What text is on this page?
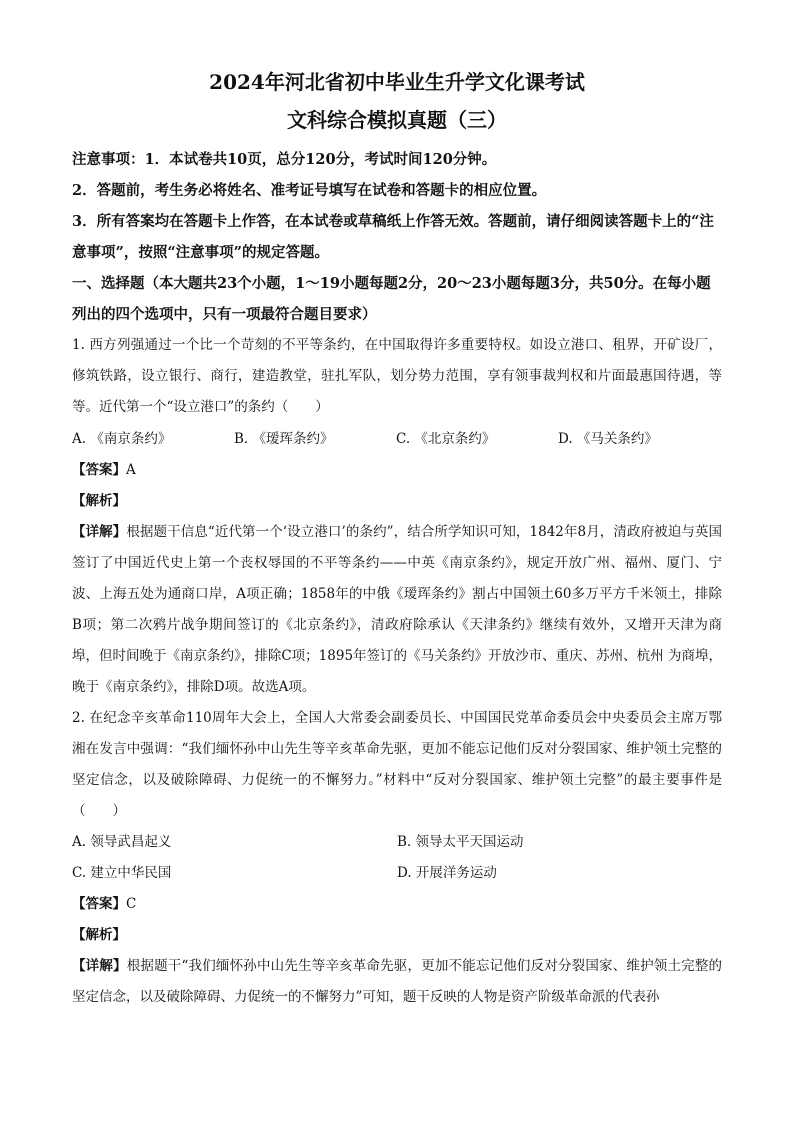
2024年河北省初中毕业生升学文化课考试
文科综合模拟真题（三）

注意事项：1．本试卷共10页，总分120分，考试时间120分钟。

2．答题前，考生务必将姓名、准考证号填写在试卷和答题卡的相应位置。

3．所有答案均在答题卡上作答，在本试卷或草稿纸上作答无效。答题前，请仔细阅读答题卡上的“注意事项”，按照“注意事项”的规定答题。

一、选择题（本大题共23个小题，1～19小题每题2分，20～23小题每题3分，共50分。在每小题列出的四个选项中，只有一项最符合题目要求）

1. 西方列强通过一个比一个苛刻的不平等条约，在中国取得许多重要特权。如设立港口、租界，开矿设厂，修筑铁路，设立银行、商行，建造教堂，驻扎军队，划分势力范围，享有领事裁判权和片面最惠国待遇，等等。近代第一个“设立港口”的条约（　　）

A. 《南京条约》	B. 《瑷珲条约》	C. 《北京条约》	D. 《马关条约》

【答案】A

【解析】

【详解】根据题干信息“近代第一个‘设立港口’的条约”，结合所学知识可知，1842年8月，清政府被迫与英国签订了中国近代史上第一个丧权辱国的不平等条约——中英《南京条约》，规定开放广州、福州、厦门、宁波、上海五处为通商口岸，A项正确；1858年的中俄《瑷珲条约》割占中国领土60多万平方千米领土，排除B项；第二次鸦片战争期间签订的《北京条约》，清政府除承认《天津条约》继续有效外，又增开天津为商埠，但时间晚于《南京条约》，排除C项；1895年签订的《马关条约》开放沙市、重庆、苏州、杭州 为商埠，晚于《南京条约》，排除D项。故选A项。

2. 在纪念辛亥革命110周年大会上，全国人大常委会副委员长、中国国民党革命委员会中央委员会主席万鄂湘在发言中强调：“我们缅怀孙中山先生等辛亥革命先驱，更加不能忘记他们反对分裂国家、维护领土完整的坚定信念，以及破除障碍、力促统一的不懈努力。”材料中“反对分裂国家、维护领土完整”的最主要事件是（　　）

A. 领导武昌起义	B. 领导太平天国运动
C. 建立中华民国	D. 开展洋务运动

【答案】C

【解析】

【详解】根据题干“我们缅怀孙中山先生等辛亥革命先驱，更加不能忘记他们反对分裂国家、维护领土完整的坚定信念，以及破除障碍、力促统一的不懈努力”可知，题干反映的人物是资产阶级革命派的代表孙
